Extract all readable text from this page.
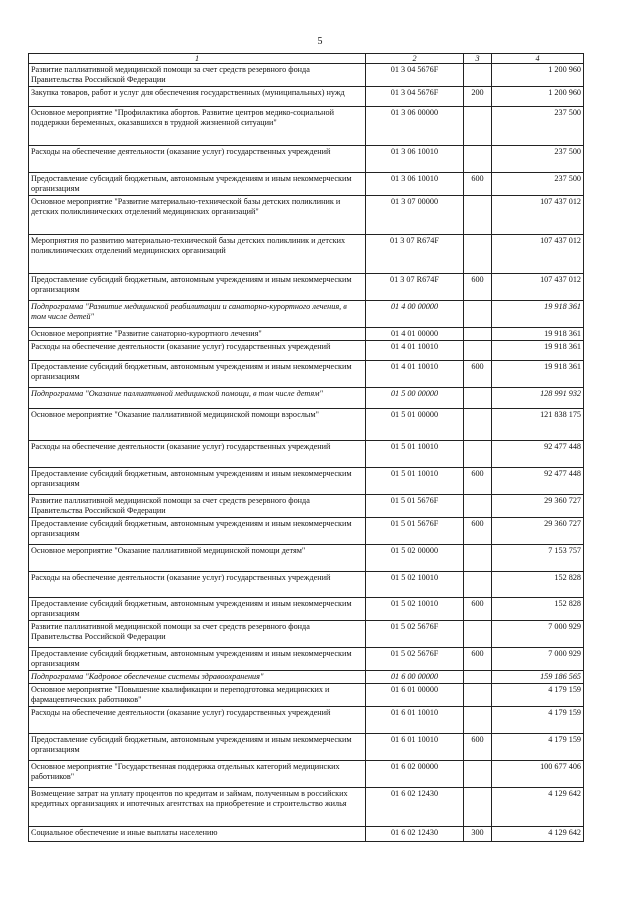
5
1	2	3	4
Развитие паллиативной медицинской помощи за счет средств резервного фонда Правительства Российской Федерации	01 3 04 5676F		1 200 960
Закупка товаров, работ и услуг для обеспечения государственных (муниципальных) нужд	01 3 04 5676F	200	1 200 960
Основное мероприятие "Профилактика абортов. Развитие центров медико-социальной поддержки беременных, оказавшихся в трудной жизненной ситуации"	01 3 06 00000		237 500
Расходы на обеспечение деятельности (оказание услуг) государственных учреждений	01 3 06 10010		237 500
Предоставление субсидий бюджетным, автономным учреждениям и иным некоммерческим организациям	01 3 06 10010	600	237 500
Основное мероприятие "Развитие материально-технической базы детских поликлиник и детских поликлинических отделений медицинских организаций"	01 3 07 00000		107 437 012
Мероприятия по развитию материально-технической базы детских поликлиник и детских поликлинических отделений медицинских организаций	01 3 07 R674F		107 437 012
Предоставление субсидий бюджетным, автономным учреждениям и иным некоммерческим организациям	01 3 07 R674F	600	107 437 012
Подпрограмма "Развитие медицинской реабилитации и санаторно-курортного лечения, в том числе детей"	01 4 00 00000		19 918 361
Основное мероприятие "Развитие санаторно-курортного лечения"	01 4 01 00000		19 918 361
Расходы на обеспечение деятельности (оказание услуг) государственных учреждений	01 4 01 10010		19 918 361
Предоставление субсидий бюджетным, автономным учреждениям и иным некоммерческим организациям	01 4 01 10010	600	19 918 361
Подпрограмма "Оказание паллиативной медицинской помощи, в том числе детям"	01 5 00 00000		128 991 932
Основное мероприятие "Оказание паллиативной медицинской помощи взрослым"	01 5 01 00000		121 838 175
Расходы на обеспечение деятельности (оказание услуг) государственных учреждений	01 5 01 10010		92 477 448
Предоставление субсидий бюджетным, автономным учреждениям и иным некоммерческим организациям	01 5 01 10010	600	92 477 448
Развитие паллиативной медицинской помощи за счет средств резервного фонда Правительства Российской Федерации	01 5 01 5676F		29 360 727
Предоставление субсидий бюджетным, автономным учреждениям и иным некоммерческим организациям	01 5 01 5676F	600	29 360 727
Основное мероприятие "Оказание паллиативной медицинской помощи детям"	01 5 02 00000		7 153 757
Расходы на обеспечение деятельности (оказание услуг) государственных учреждений	01 5 02 10010		152 828
Предоставление субсидий бюджетным, автономным учреждениям и иным некоммерческим организациям	01 5 02 10010	600	152 828
Развитие паллиативной медицинской помощи за счет средств резервного фонда Правительства Российской Федерации	01 5 02 5676F		7 000 929
Предоставление субсидий бюджетным, автономным учреждениям и иным некоммерческим организациям	01 5 02 5676F	600	7 000 929
Подпрограмма "Кадровое обеспечение системы здравоохранения"	01 6 00 00000		159 186 565
Основное мероприятие "Повышение квалификации и переподготовка медицинских и фармацевтических работников"	01 6 01 00000		4 179 159
Расходы на обеспечение деятельности (оказание услуг) государственных учреждений	01 6 01 10010		4 179 159
Предоставление субсидий бюджетным, автономным учреждениям и иным некоммерческим организациям	01 6 01 10010	600	4 179 159
Основное мероприятие "Государственная поддержка отдельных категорий медицинских работников"	01 6 02 00000		100 677 406
Возмещение затрат на уплату процентов по кредитам и займам, полученным в российских кредитных организациях и ипотечных агентствах на приобретение и строительство жилья	01 6 02 12430		4 129 642
Социальное обеспечение и иные выплаты населению	01 6 02 12430	300	4 129 642
